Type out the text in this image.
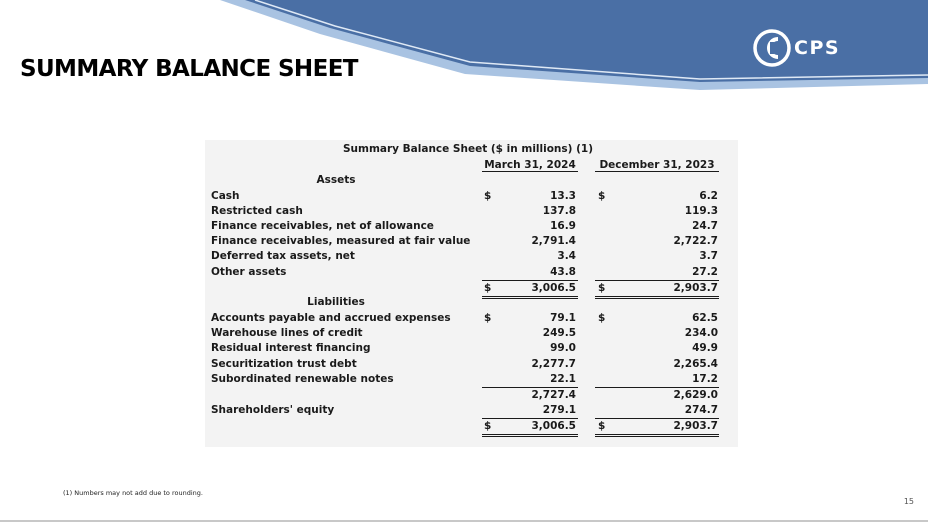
SUMMARY BALANCE SHEET
CPS
Summary Balance Sheet ($ in millions) (1)
March 31, 2024	December 31, 2023
Assets
Cash	$	13.3 $	6.2
Restricted cash	137.8	119.3
Finance receivables, net of allowance	16.9	24.7
Finance receivables, measured at fair value	2,791.4	2,722.7
Deferred tax assets, net	3.4	3.7
Other assets	43.8	27.2
$	3,006.5 $	2,903.7
Liabilities
Accounts payable and accrued expenses	$	79.1 $	62.5
Warehouse lines of credit	249.5	234.0
Residual interest financing	99.0	49.9
Securitization trust debt	2,277.7	2,265.4
Subordinated renewable notes	22.1	17.2
2,727.4	2,629.0
Shareholders' equity	279.1	274.7
$	3,006.5 $	2,903.7
(1) Numbers may not add due to rounding.
15
